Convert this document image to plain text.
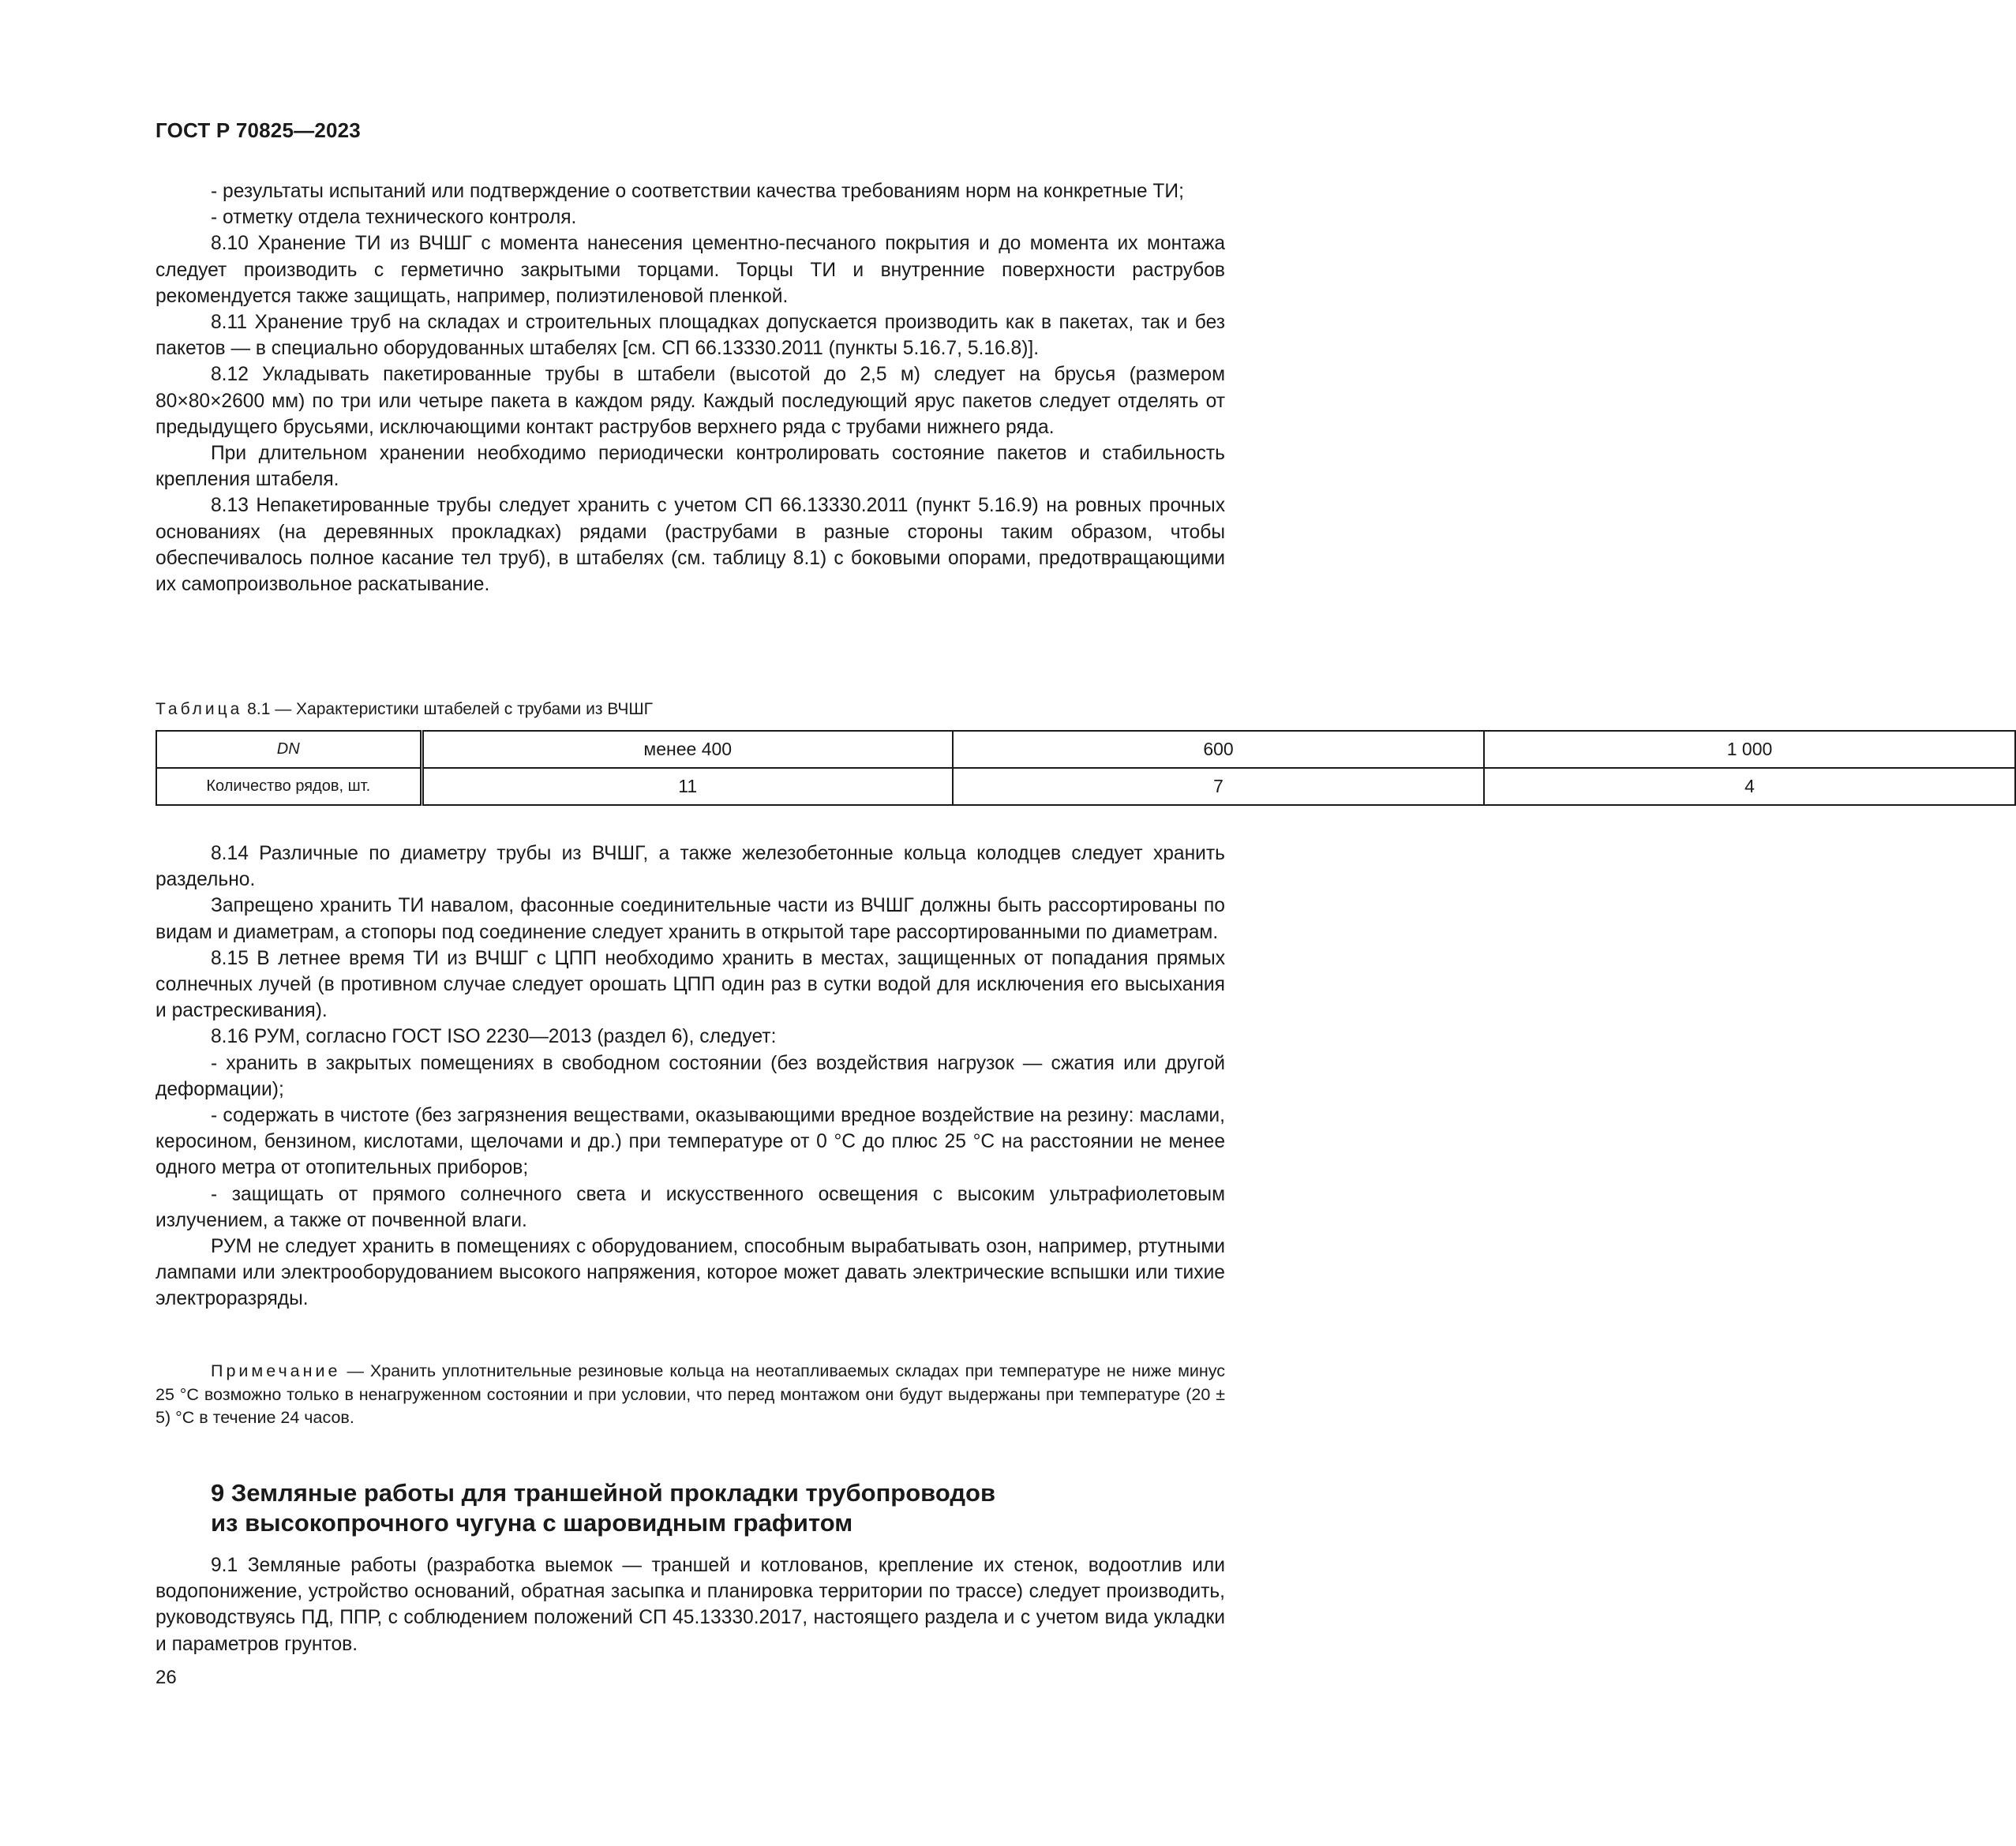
ГОСТ Р 70825—2023

- результаты испытаний или подтверждение о соответствии качества требованиям норм на конкретные ТИ;

- отметку отдела технического контроля.

8.10 Хранение ТИ из ВЧШГ с момента нанесения цементно-песчаного покрытия и до момента их монтажа следует производить с герметично закрытыми торцами. Торцы ТИ и внутренние поверхности раструбов рекомендуется также защищать, например, полиэтиленовой пленкой.

8.11 Хранение труб на складах и строительных площадках допускается производить как в пакетах, так и без пакетов — в специально оборудованных штабелях [см. СП 66.13330.2011 (пункты 5.16.7, 5.16.8)].

8.12 Укладывать пакетированные трубы в штабели (высотой до 2,5 м) следует на брусья (размером 80×80×2600 мм) по три или четыре пакета в каждом ряду. Каждый последующий ярус пакетов следует отделять от предыдущего брусьями, исключающими контакт раструбов верхнего ряда с трубами нижнего ряда.

При длительном хранении необходимо периодически контролировать состояние пакетов и стабильность крепления штабеля.

8.13 Непакетированные трубы следует хранить с учетом СП 66.13330.2011 (пункт 5.16.9) на ровных прочных основаниях (на деревянных прокладках) рядами (раструбами в разные стороны таким образом, чтобы обеспечивалось полное касание тел труб), в штабелях (см. таблицу 8.1) с боковыми опорами, предотвращающими их самопроизвольное раскатывание.

Таблица 8.1 — Характеристики штабелей с трубами из ВЧШГ

DN	менее 400	600	1 000
Количество рядов, шт.	11	7	4

8.14 Различные по диаметру трубы из ВЧШГ, а также железобетонные кольца колодцев следует хранить раздельно.

Запрещено хранить ТИ навалом, фасонные соединительные части из ВЧШГ должны быть рассортированы по видам и диаметрам, а стопоры под соединение следует хранить в открытой таре рассортированными по диаметрам.

8.15 В летнее время ТИ из ВЧШГ с ЦПП необходимо хранить в местах, защищенных от попадания прямых солнечных лучей (в противном случае следует орошать ЦПП один раз в сутки водой для исключения его высыхания и растрескивания).

8.16 РУМ, согласно ГОСТ ISO 2230—2013 (раздел 6), следует:

- хранить в закрытых помещениях в свободном состоянии (без воздействия нагрузок — сжатия или другой деформации);

- содержать в чистоте (без загрязнения веществами, оказывающими вредное воздействие на резину: маслами, керосином, бензином, кислотами, щелочами и др.) при температуре от 0 °С до плюс 25 °С на расстоянии не менее одного метра от отопительных приборов;

- защищать от прямого солнечного света и искусственного освещения с высоким ультрафиолетовым излучением, а также от почвенной влаги.

РУМ не следует хранить в помещениях с оборудованием, способным вырабатывать озон, например, ртутными лампами или электрооборудованием высокого напряжения, которое может давать электрические вспышки или тихие электроразряды.

Примечание — Хранить уплотнительные резиновые кольца на неотапливаемых складах при температуре не ниже минус 25 °С возможно только в ненагруженном состоянии и при условии, что перед монтажом они будут выдержаны при температуре (20 ± 5) °С в течение 24 часов.

9 Земляные работы для траншейной прокладки трубопроводов
из высокопрочного чугуна с шаровидным графитом

9.1 Земляные работы (разработка выемок — траншей и котлованов, крепление их стенок, водоотлив или водопонижение, устройство оснований, обратная засыпка и планировка территории по трассе) следует производить, руководствуясь ПД, ППР, с соблюдением положений СП 45.13330.2017, настоящего раздела и с учетом вида укладки и параметров грунтов.

26
